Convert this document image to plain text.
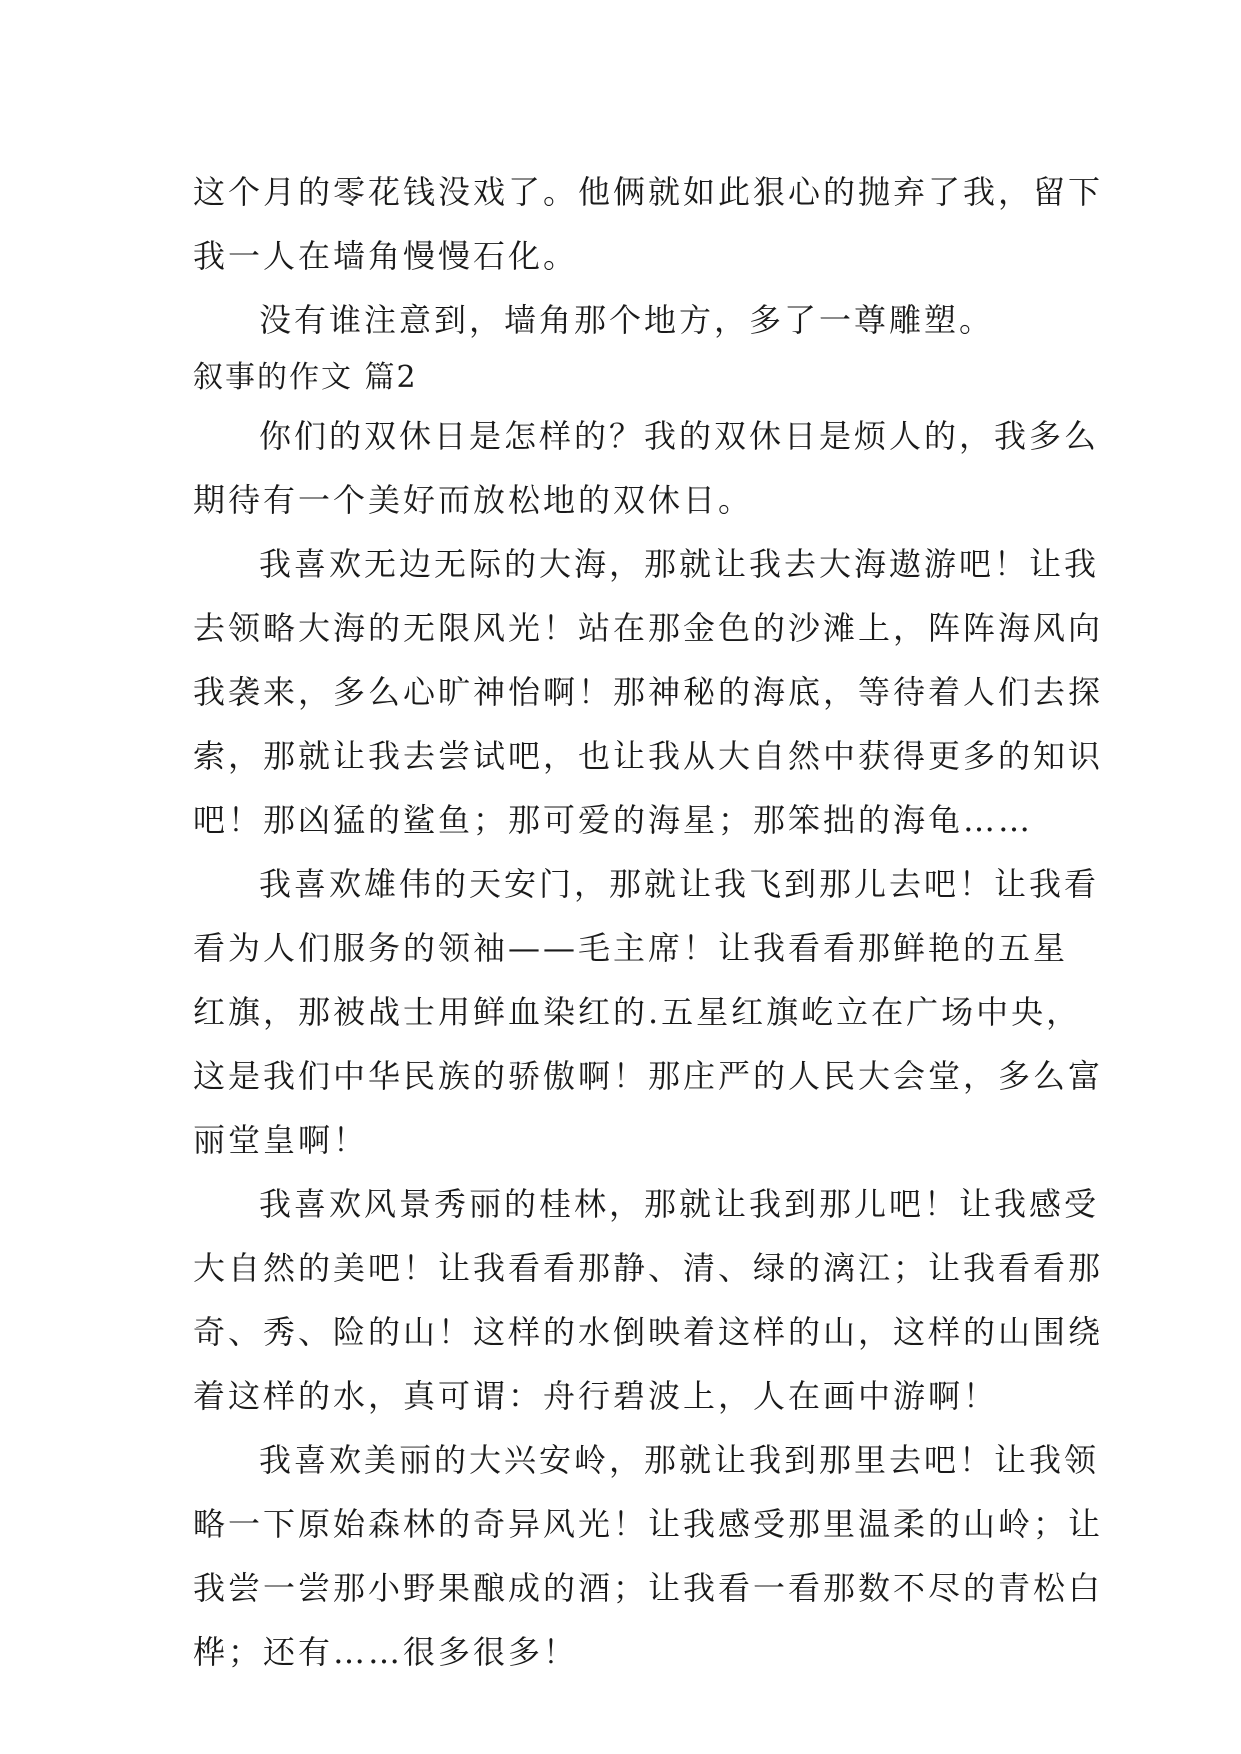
这个月的零花钱没戏了。他俩就如此狠心的抛弃了我，留下
我一人在墙角慢慢石化。
没有谁注意到，墙角那个地方，多了一尊雕塑。
叙事的作文 篇2
你们的双休日是怎样的？我的双休日是烦人的，我多么
期待有一个美好而放松地的双休日。
我喜欢无边无际的大海，那就让我去大海遨游吧！让我
去领略大海的无限风光！站在那金色的沙滩上，阵阵海风向
我袭来，多么心旷神怡啊！那神秘的海底，等待着人们去探
索，那就让我去尝试吧，也让我从大自然中获得更多的知识
吧！那凶猛的鲨鱼；那可爱的海星；那笨拙的海龟……
我喜欢雄伟的天安门，那就让我飞到那儿去吧！让我看
看为人们服务的领袖——毛主席！让我看看那鲜艳的五星
红旗，那被战士用鲜血染红的.五星红旗屹立在广场中央，
这是我们中华民族的骄傲啊！那庄严的人民大会堂，多么富
丽堂皇啊！
我喜欢风景秀丽的桂林，那就让我到那儿吧！让我感受
大自然的美吧！让我看看那静、清、绿的漓江；让我看看那
奇、秀、险的山！这样的水倒映着这样的山，这样的山围绕
着这样的水，真可谓：舟行碧波上，人在画中游啊！
我喜欢美丽的大兴安岭，那就让我到那里去吧！让我领
略一下原始森林的奇异风光！让我感受那里温柔的山岭；让
我尝一尝那小野果酿成的酒；让我看一看那数不尽的青松白
桦；还有……很多很多！
